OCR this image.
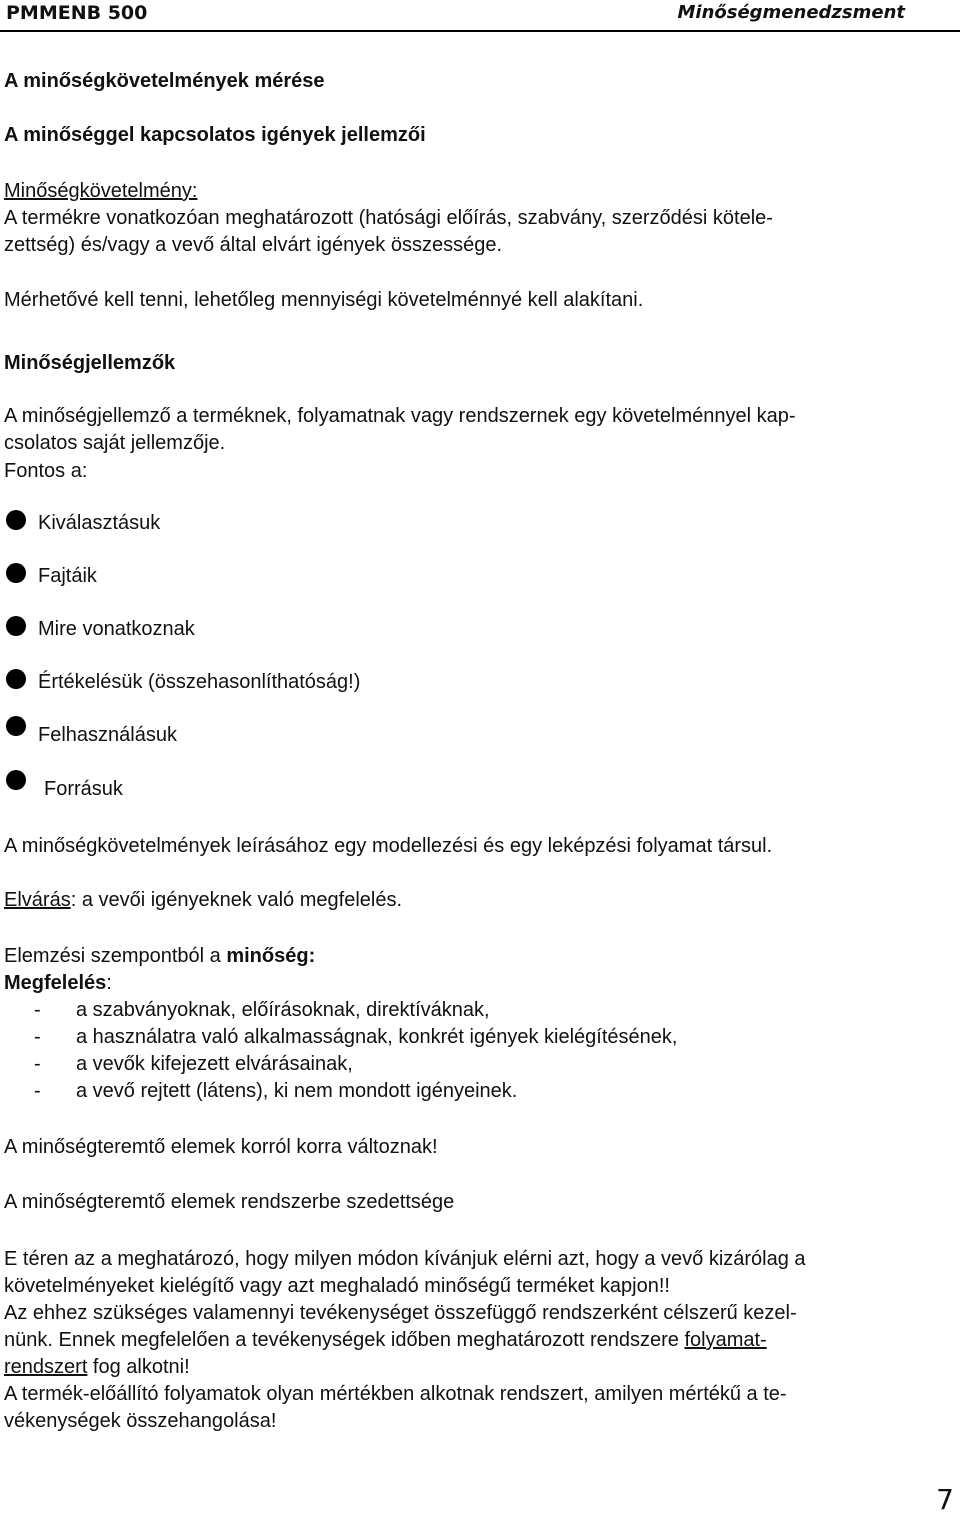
PMMENB 500	Minőségmenedzsment
A minőségkövetelmények mérése
A minőséggel kapcsolatos igények jellemzői
Minőségkövetelmény:
A termékre vonatkozóan meghatározott (hatósági előírás, szabvány, szerződési kötele-
zettség) és/vagy a vevő által elvárt igények összessége.
Mérhetővé kell tenni, lehetőleg mennyiségi követelménnyé kell alakítani.
Minőségjellemzők
A minőségjellemző a terméknek, folyamatnak vagy rendszernek egy követelménnyel kap-
csolatos saját jellemzője.
Fontos a:
Kiválasztásuk
Fajtáik
Mire vonatkoznak
Értékelésük (összehasonlíthatóság!)
Felhasználásuk
Forrásuk
A minőségkövetelmények leírásához egy modellezési és egy leképzési folyamat társul.
Elvárás: a vevői igényeknek való megfelelés.
Elemzési szempontból a minőség:
Megfelelés:
- a szabványoknak, előírásoknak, direktíváknak,
- a használatra való alkalmasságnak, konkrét igények kielégítésének,
- a vevők kifejezett elvárásainak,
- a vevő rejtett (látens), ki nem mondott igényeinek.
A minőségteremtő elemek korról korra változnak!
A minőségteremtő elemek rendszerbe szedettsége
E téren az a meghatározó, hogy milyen módon kívánjuk elérni azt, hogy a vevő kizárólag a
követelményeket kielégítő vagy azt meghaladó minőségű terméket kapjon!!
Az ehhez szükséges valamennyi tevékenységet összefüggő rendszerként célszerű kezel-
nünk. Ennek megfelelően a tevékenységek időben meghatározott rendszere folyamat-
rendszert fog alkotni!
A termék-előállító folyamatok olyan mértékben alkotnak rendszert, amilyen mértékű a te-
vékenységek összehangolása!
7
